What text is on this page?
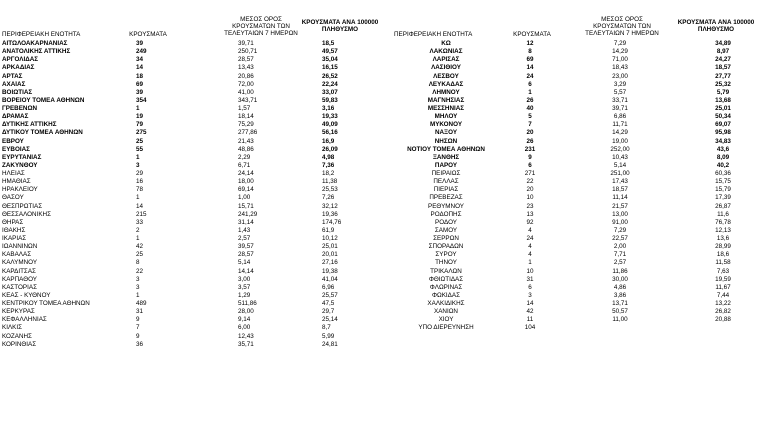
ΠΕΡΙΦΕΡΕΙΑΚΗ ΕΝΟΤΗΤΑ	ΚΡΟΥΣΜΑΤΑ
ΜΕΣΟΣ ΟΡΟΣ ΚΡΟΥΣΜΑΤΩΝ ΤΩΝ ΤΕΛΕΥΤΑΙΩΝ 7 ΗΜΕΡΩΝ
ΚΡΟΥΣΜΑΤΑ ΑΝΑ 100000 ΠΛΗΘΥΣΜΟ
ΑΙΤΩΛΟΑΚΑΡΝΑΝΙΑΣ	39	39,71	18,5
ΑΝΑΤΟΛΙΚΗΣ ΑΤΤΙΚΗΣ	249	250,71	49,57
ΑΡΓΟΛΙΔΑΣ	34	28,57	35,04
ΑΡΚΑΔΙΑΣ	14	13,43	16,15
ΑΡΤΑΣ	18	20,86	26,52
ΑΧΑΪΑΣ	69	72,00	22,24
ΒΟΙΩΤΙΑΣ	39	41,00	33,07
ΒΟΡΕΙΟΥ ΤΟΜΕΑ ΑΘΗΝΩΝ	354	343,71	59,83
ΓΡΕΒΕΝΩΝ	1	1,57	3,16
ΔΡΑΜΑΣ	19	18,14	19,33
ΔΥΤΙΚΗΣ ΑΤΤΙΚΗΣ	79	75,29	49,09
ΔΥΤΙΚΟΥ ΤΟΜΕΑ ΑΘΗΝΩΝ	275	277,86	56,16
ΕΒΡΟΥ	25	21,43	16,9
ΕΥΒΟΙΑΣ	55	48,86	26,09
ΕΥΡΥΤΑΝΙΑΣ	1	2,29	4,98
ΖΑΚΥΝΘΟΥ	3	6,71	7,36
ΗΛΕΙΑΣ	29	24,14	18,2
ΗΜΑΘΙΑΣ	16	18,00	11,38
ΗΡΑΚΛΕΙΟΥ	78	69,14	25,53
ΘΑΣΟΥ	1	1,00	7,26
ΘΕΣΠΡΩΤΙΑΣ	14	15,71	32,12
ΘΕΣΣΑΛΟΝΙΚΗΣ	215	241,29	19,36
ΘΗΡΑΣ	33	31,14	174,76
ΙΘΑΚΗΣ	2	1,43	61,9
ΙΚΑΡΙΑΣ	1	2,57	10,12
ΙΩΑΝΝΙΝΩΝ	42	39,57	25,01
ΚΑΒΑΛΑΣ	25	28,57	20,01
ΚΑΛΥΜΝΟΥ	8	5,14	27,16
ΚΑΡΔΙΤΣΑΣ	22	14,14	19,38
ΚΑΡΠΑΘΟΥ	3	3,00	41,04
ΚΑΣΤΟΡΙΑΣ	3	3,57	6,96
ΚΕΑΣ - ΚΥΘΝΟΥ	1	1,29	25,57
ΚΕΝΤΡΙΚΟΥ ΤΟΜΕΑ ΑΘΗΝΩΝ	489	511,86	47,5
ΚΕΡΚΥΡΑΣ	31	28,00	29,7
ΚΕΦΑΛΛΗΝΙΑΣ	9	9,14	25,14
ΚΙΛΚΙΣ	7	6,00	8,7
ΚΟΖΑΝΗΣ	9	12,43	5,99
ΚΟΡΙΝΘΙΑΣ	36	35,71	24,81
ΠΕΡΙΦΕΡΕΙΑΚΗ ΕΝΟΤΗΤΑ	ΚΡΟΥΣΜΑΤΑ
ΜΕΣΟΣ ΟΡΟΣ ΚΡΟΥΣΜΑΤΩΝ ΤΩΝ ΤΕΛΕΥΤΑΙΩΝ 7 ΗΜΕΡΩΝ
ΚΡΟΥΣΜΑΤΑ ΑΝΑ 100000 ΠΛΗΘΥΣΜΟ
ΚΩ	12	7,29	34,89
ΛΑΚΩΝΙΑΣ	8	14,29	8,97
ΛΑΡΙΣΑΣ	69	71,00	24,27
ΛΑΣΙΘΙΟΥ	14	18,43	18,57
ΛΕΣΒΟΥ	24	23,00	27,77
ΛΕΥΚΑΔΑΣ	6	3,29	25,32
ΛΗΜΝΟΥ	1	5,57	5,79
ΜΑΓΝΗΣΙΑΣ	26	33,71	13,68
ΜΕΣΣΗΝΙΑΣ	40	39,71	25,01
ΜΗΛΟΥ	5	6,86	50,34
ΜΥΚΟΝΟΥ	7	11,71	69,07
ΝΑΞΟΥ	20	14,29	95,98
ΝΗΣΩΝ	26	19,00	34,83
ΝΟΤΙΟΥ ΤΟΜΕΑ ΑΘΗΝΩΝ	231	252,00	43,6
ΞΑΝΘΗΣ	9	10,43	8,09
ΠΑΡΟΥ	6	5,14	40,2
ΠΕΙΡΑΙΩΣ	271	251,00	60,36
ΠΕΛΛΑΣ	22	17,43	15,75
ΠΙΕΡΙΑΣ	20	18,57	15,79
ΠΡΕΒΕΖΑΣ	10	11,14	17,39
ΡΕΘΥΜΝΟΥ	23	21,57	26,87
ΡΟΔΟΠΗΣ	13	13,00	11,6
ΡΟΔΟΥ	92	91,00	76,78
ΣΑΜΟΥ	4	7,29	12,13
ΣΕΡΡΩΝ	24	22,57	13,6
ΣΠΟΡΑΔΩΝ	4	2,00	28,99
ΣΥΡΟΥ	4	7,71	18,6
ΤΗΝΟΥ	1	2,57	11,58
ΤΡΙΚΑΛΩΝ	10	11,86	7,63
ΦΘΙΩΤΙΔΑΣ	31	30,00	19,59
ΦΛΩΡΙΝΑΣ	6	4,86	11,67
ΦΩΚΙΔΑΣ	3	3,86	7,44
ΧΑΛΚΙΔΙΚΗΣ	14	13,71	13,22
ΧΑΝΙΩΝ	42	50,57	26,82
ΧΙΟΥ	11	11,00	20,88
ΥΠΟ ΔΙΕΡΕΥΝΗΣΗ	104		
